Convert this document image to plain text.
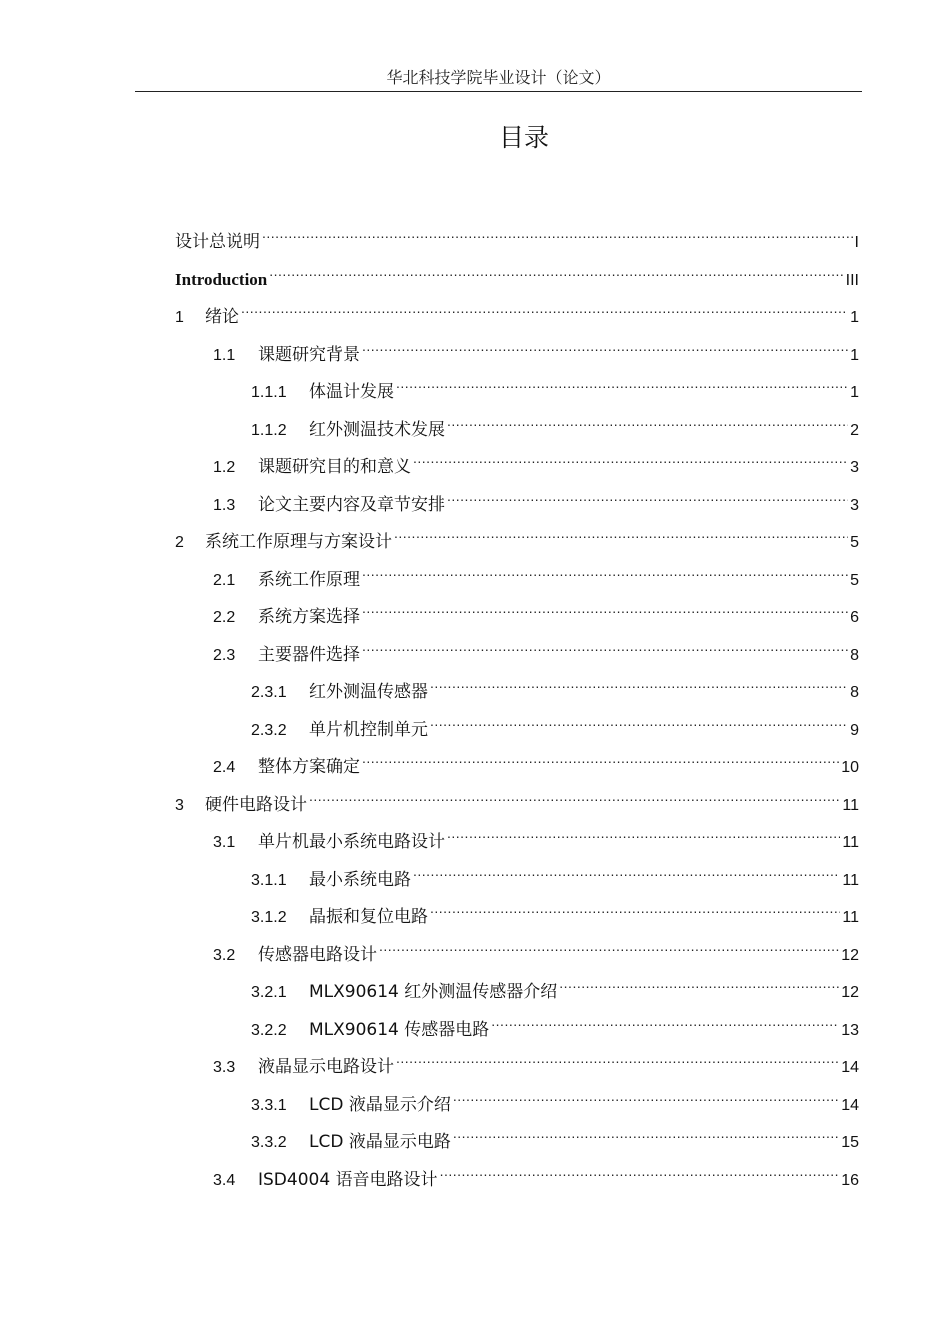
华北科技学院毕业设计（论文）
目录
设计总说明 .....	I
Introduction .....	III
1	绪论 .....	1
1.1	课题研究背景 .....	1
1.1.1	体温计发展 .....	1
1.1.2	红外测温技术发展 .....	2
1.2	课题研究目的和意义 .....	3
1.3	论文主要内容及章节安排 .....	3
2	系统工作原理与方案设计 .....	5
2.1	系统工作原理 .....	5
2.2	系统方案选择 .....	6
2.3	主要器件选择 .....	8
2.3.1	红外测温传感器 .....	8
2.3.2	单片机控制单元 .....	9
2.4	整体方案确定 .....	10
3	硬件电路设计 .....	11
3.1	单片机最小系统电路设计 .....	11
3.1.1	最小系统电路 .....	11
3.1.2	晶振和复位电路 .....	11
3.2	传感器电路设计 .....	12
3.2.1	MLX90614 红外测温传感器介绍 .....	12
3.2.2	MLX90614 传感器电路 .....	13
3.3	液晶显示电路设计 .....	14
3.3.1	LCD 液晶显示介绍 .....	14
3.3.2	LCD 液晶显示电路 .....	15
3.4	ISD4004 语音电路设计 .....	16
